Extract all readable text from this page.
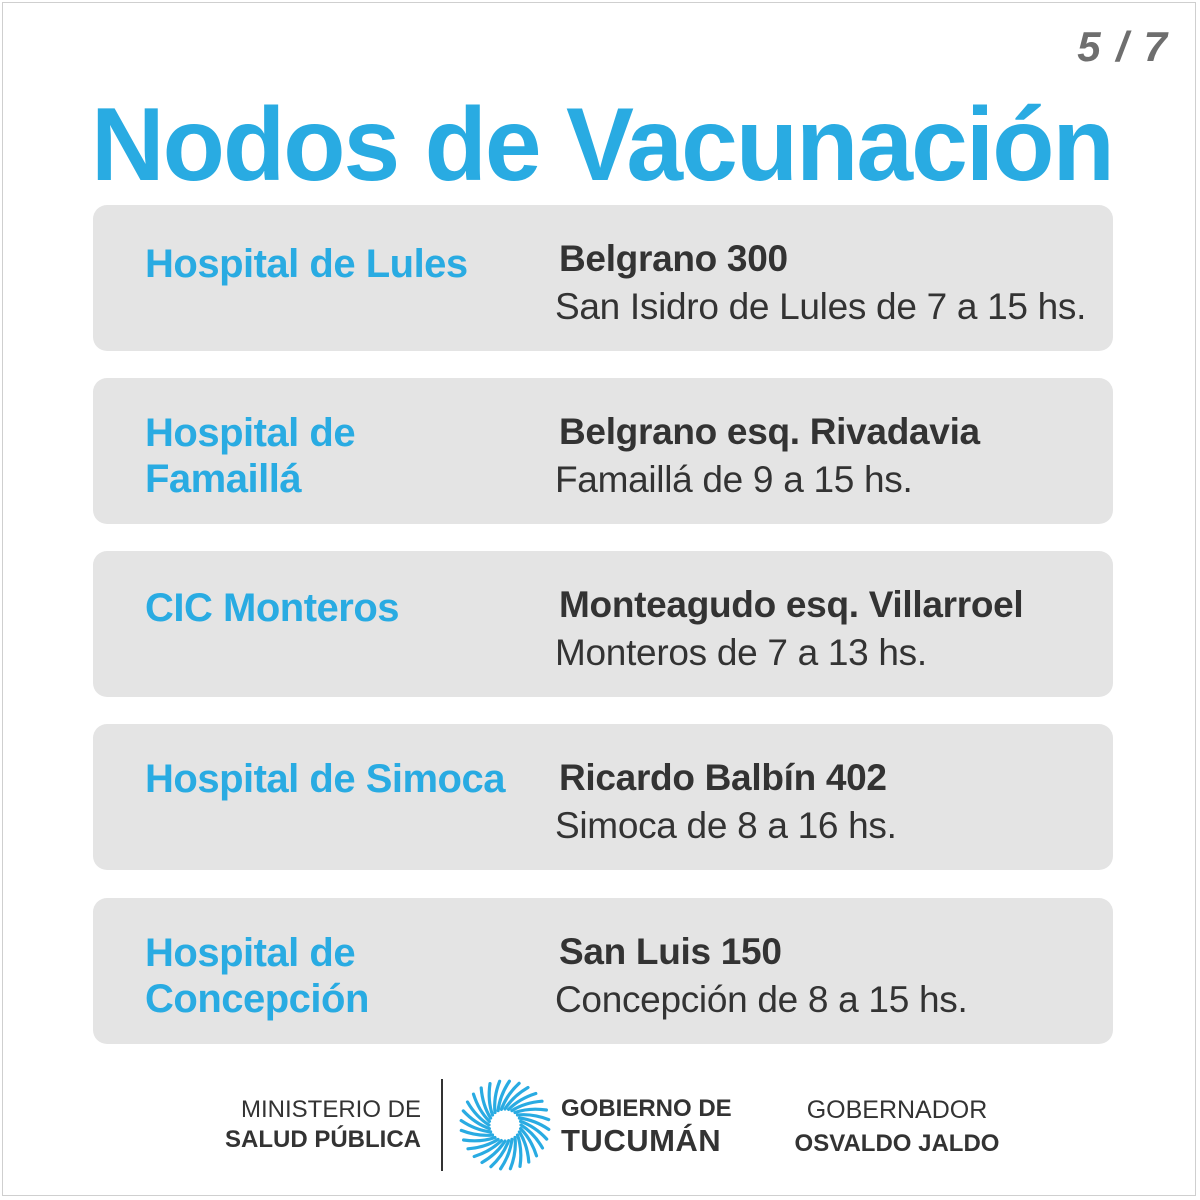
5 / 7
Nodos de Vacunación
Hospital de Lules	Belgrano 300
San Isidro de Lules de 7 a 15 hs.
Hospital de Famaillá
Belgrano esq. Rivadavia
Famaillá de 9 a 15 hs.
CIC Monteros	Monteagudo esq. Villarroel
Monteros de 7 a 13 hs.
Hospital de Simoca Ricardo Balbín 402
Simoca de 8 a 16 hs.
Hospital de Concepción
San Luis 150
Concepción de 8 a 15 hs.
MINISTERIO DE
SALUD PÚBLICA
GOBIERNO DE
TUCUMÁN
GOBERNADOR
OSVALDO JALDO
